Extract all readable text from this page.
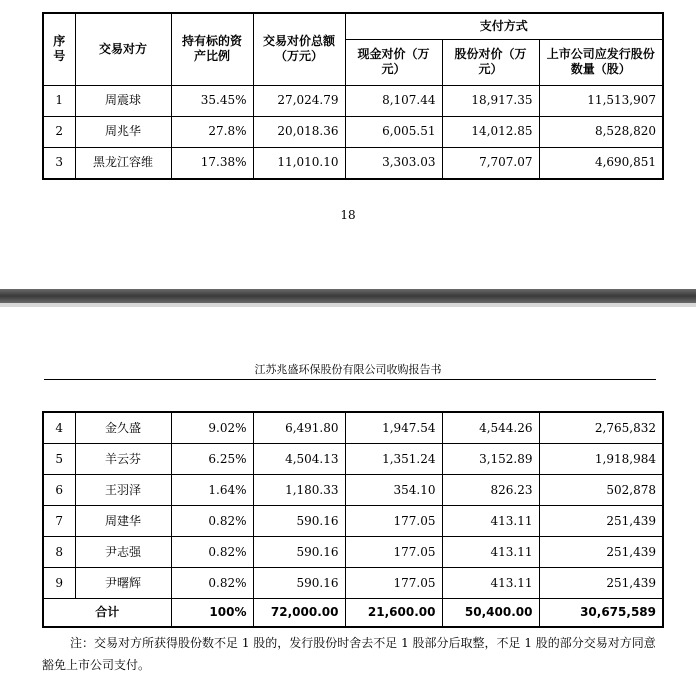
序号	交易对方	持有标的资产比例	交易对价总额（万元）	支付方式		
				现金对价（万元）	股份对价（万元）	上市公司应发行股份数量（股）
1	周震球	35.45%	27,024.79	8,107.44	18,917.35	11,513,907
2	周兆华	27.8%	20,018.36	6,005.51	14,012.85	8,528,820
3	黑龙江容维	17.38%	11,010.10	3,303.03	7,707.07	4,690,851
18
江苏兆盛环保股份有限公司收购报告书
4	金久盛	9.02%	6,491.80	1,947.54	4,544.26	2,765,832
5	羊云芬	6.25%	4,504.13	1,351.24	3,152.89	1,918,984
6	王羽泽	1.64%	1,180.33	354.10	826.23	502,878
7	周建华	0.82%	590.16	177.05	413.11	251,439
8	尹志强	0.82%	590.16	177.05	413.11	251,439
9	尹曙辉	0.82%	590.16	177.05	413.11	251,439
合计		100%	72,000.00	21,600.00	50,400.00	30,675,589
注：交易对方所获得股份数不足 1 股的，发行股份时舍去不足 1 股部分后取整，不足 1 股的部分交易对方同意豁免上市公司支付。
